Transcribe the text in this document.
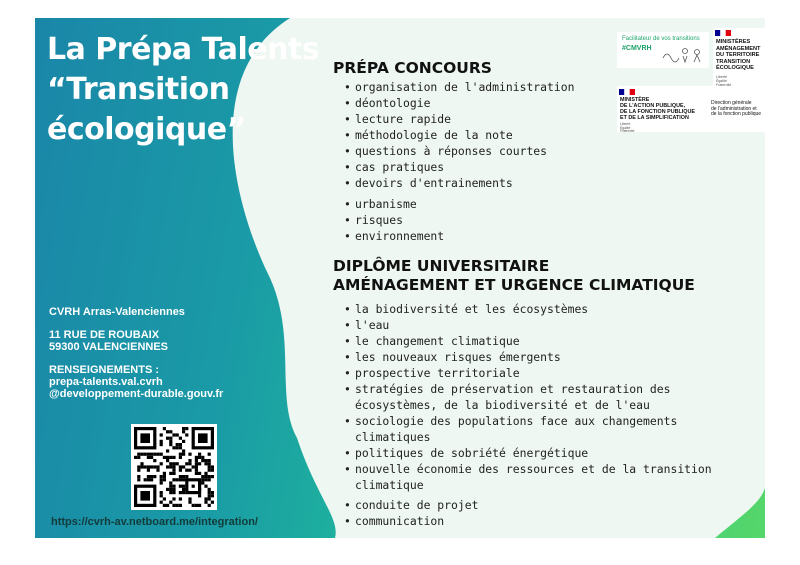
La Prépa Talents
“Transition
écologique”
CVRH Arras-Valenciennes
11 RUE DE ROUBAIX
59300 VALENCIENNES
RENSEIGNEMENTS :
prepa-talents.val.cvrh
@developpement-durable.gouv.fr
https://cvrh-av.netboard.me/integration/
PRÉPA CONCOURS
• organisation de l'administration
• déontologie
• lecture rapide
• méthodologie de la note
• questions à réponses courtes
• cas pratiques
• devoirs d'entrainements
• urbanisme
• risques
• environnement
DIPLÔME UNIVERSITAIRE
AMÉNAGEMENT ET URGENCE CLIMATIQUE
• la biodiversité et les écosystèmes
• l'eau
• le changement climatique
• les nouveaux risques émergents
• prospective territoriale
• stratégies de préservation et restauration des
écosystèmes, de la biodiversité et de l'eau
• sociologie des populations face aux changements
climatiques
• politiques de sobriété énergétique
• nouvelle économie des ressources et de la transition
climatique
• conduite de projet
• communication
Facilitateur de vos transitions
#CMVRH
MINISTÈRES
AMÉNAGEMENT
DU TERRITOIRE
TRANSITION
ÉCOLOGIQUE
Liberté
Égalité
MINISTÈRE
DE L'ACTION PUBLIQUE,
DE LA FONCTION PUBLIQUE
ET DE LA SIMPLIFICATION
Liberté
Égalité
Fraternité
Direction générale
de l'administration et
de la fonction publique
